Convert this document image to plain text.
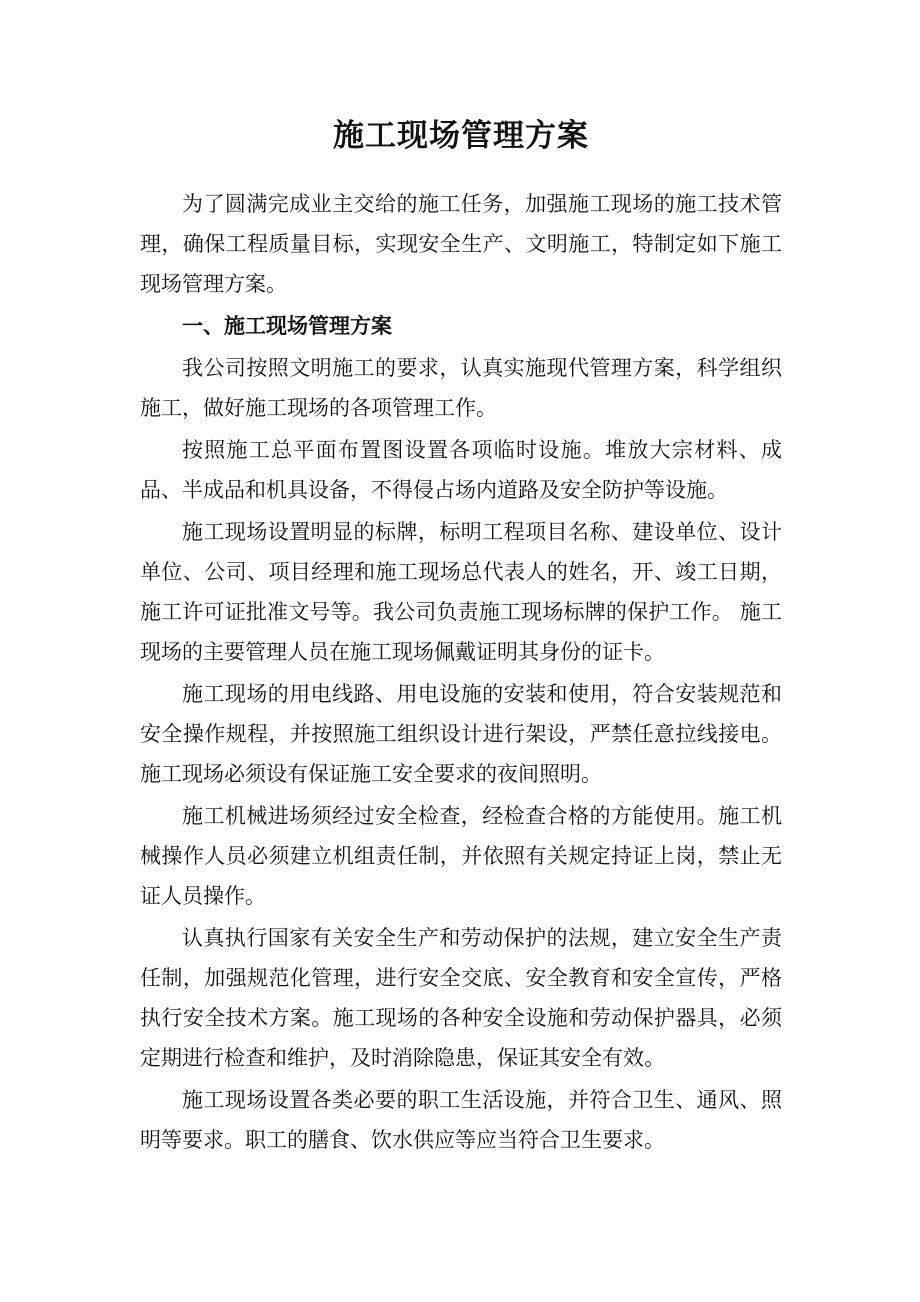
施工现场管理方案

为了圆满完成业主交给的施工任务，加强施工现场的施工技术管理，确保工程质量目标，实现安全生产、文明施工，特制定如下施工现场管理方案。

一、施工现场管理方案

我公司按照文明施工的要求，认真实施现代管理方案，科学组织施工，做好施工现场的各项管理工作。

按照施工总平面布置图设置各项临时设施。堆放大宗材料、成品、半成品和机具设备，不得侵占场内道路及安全防护等设施。

施工现场设置明显的标牌，标明工程项目名称、建设单位、设计单位、公司、项目经理和施工现场总代表人的姓名，开、竣工日期，施工许可证批准文号等。我公司负责施工现场标牌的保护工作。 施工现场的主要管理人员在施工现场佩戴证明其身份的证卡。

施工现场的用电线路、用电设施的安装和使用，符合安装规范和安全操作规程，并按照施工组织设计进行架设，严禁任意拉线接电。施工现场必须设有保证施工安全要求的夜间照明。

施工机械进场须经过安全检查，经检查合格的方能使用。施工机械操作人员必须建立机组责任制，并依照有关规定持证上岗，禁止无证人员操作。

认真执行国家有关安全生产和劳动保护的法规，建立安全生产责任制，加强规范化管理，进行安全交底、安全教育和安全宣传，严格执行安全技术方案。施工现场的各种安全设施和劳动保护器具，必须定期进行检查和维护，及时消除隐患，保证其安全有效。

施工现场设置各类必要的职工生活设施，并符合卫生、通风、照明等要求。职工的膳食、饮水供应等应当符合卫生要求。
